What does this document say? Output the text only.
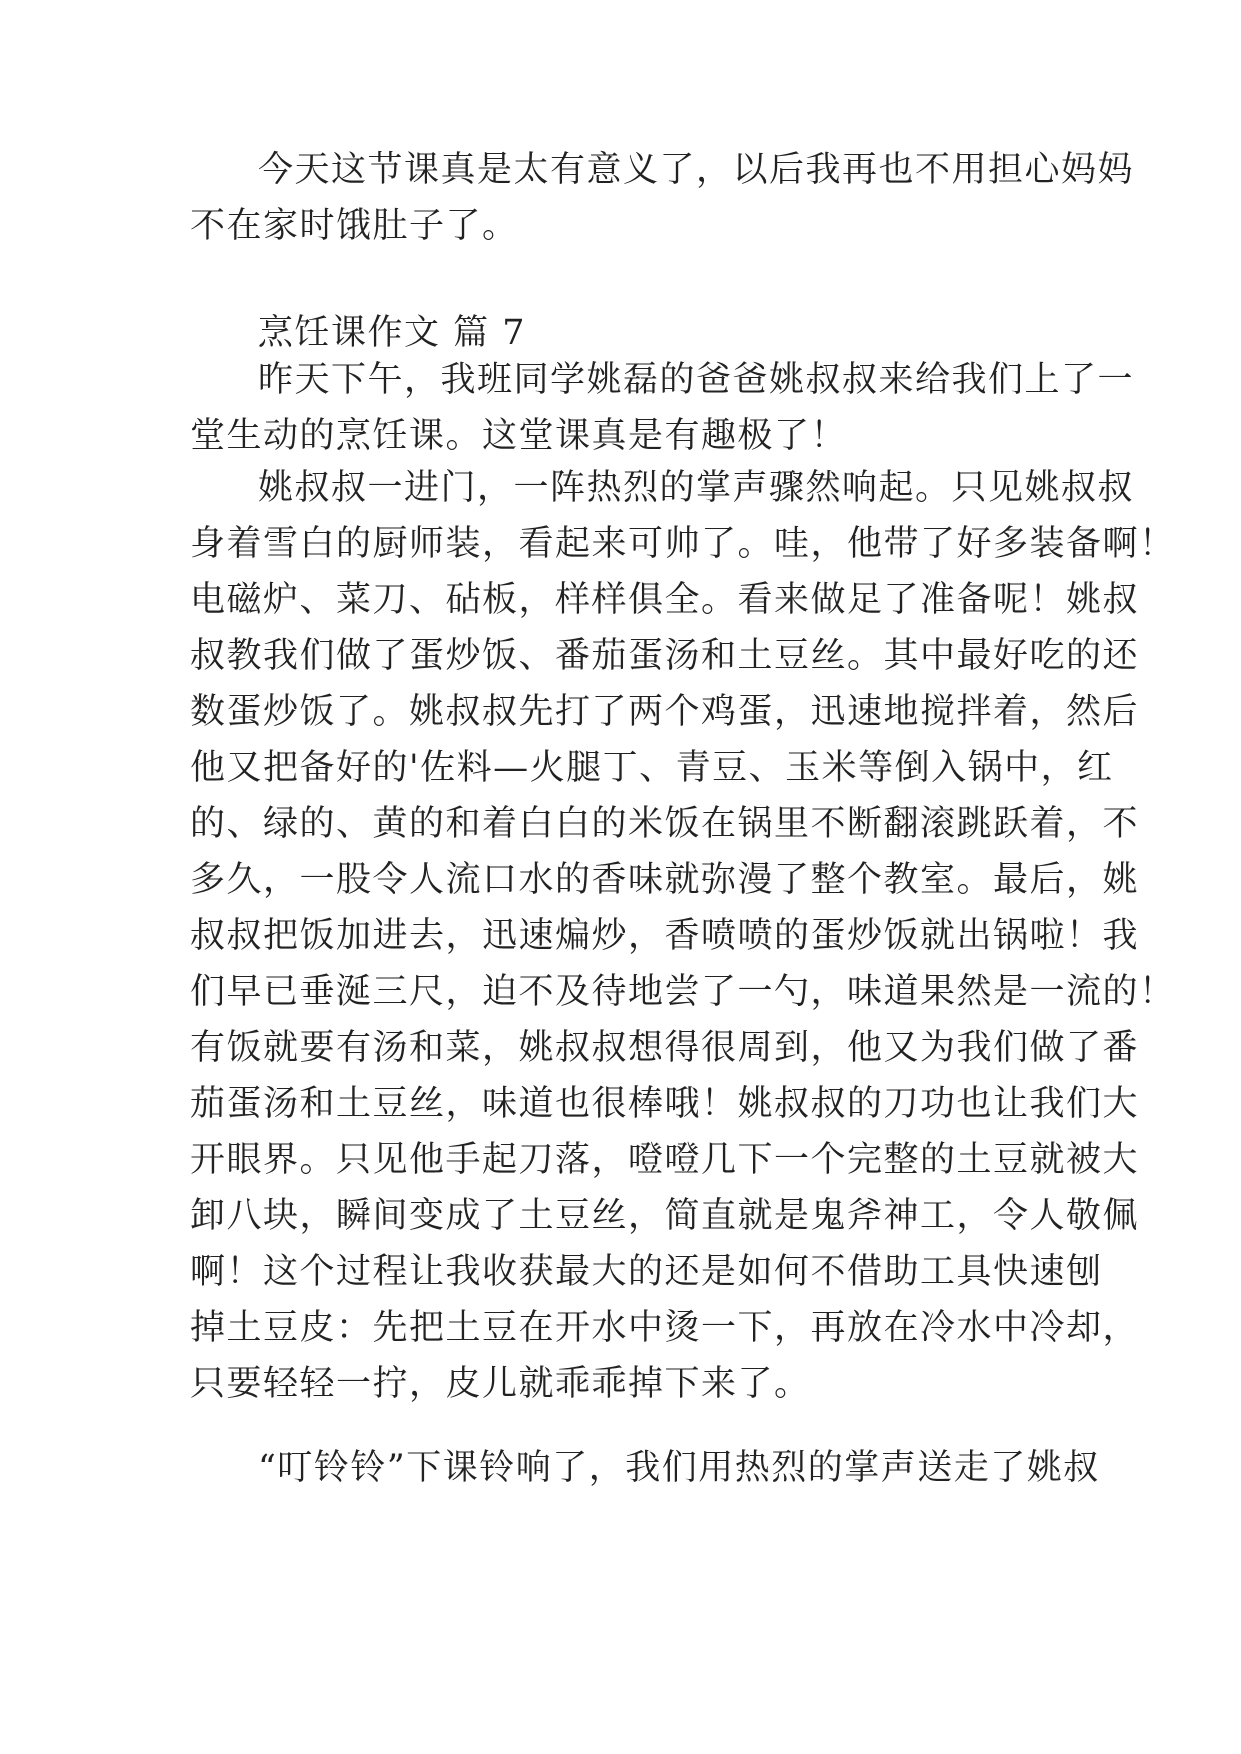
今天这节课真是太有意义了，以后我再也不用担心妈妈
不在家时饿肚子了。
烹饪课作文 篇 7
昨天下午，我班同学姚磊的爸爸姚叔叔来给我们上了一
堂生动的烹饪课。这堂课真是有趣极了！
姚叔叔一进门，一阵热烈的掌声骤然响起。只见姚叔叔
身着雪白的厨师装，看起来可帅了。哇，他带了好多装备啊！
电磁炉、菜刀、砧板，样样俱全。看来做足了准备呢！姚叔
叔教我们做了蛋炒饭、番茄蛋汤和土豆丝。其中最好吃的还
数蛋炒饭了。姚叔叔先打了两个鸡蛋，迅速地搅拌着，然后
他又把备好的'佐料—火腿丁、青豆、玉米等倒入锅中，红
的、绿的、黄的和着白白的米饭在锅里不断翻滚跳跃着，不
多久，一股令人流口水的香味就弥漫了整个教室。最后，姚
叔叔把饭加进去，迅速煸炒，香喷喷的蛋炒饭就出锅啦！我
们早已垂涎三尺，迫不及待地尝了一勺，味道果然是一流的！
有饭就要有汤和菜，姚叔叔想得很周到，他又为我们做了番
茄蛋汤和土豆丝，味道也很棒哦！姚叔叔的刀功也让我们大
开眼界。只见他手起刀落，噔噔几下一个完整的土豆就被大
卸八块，瞬间变成了土豆丝，简直就是鬼斧神工，令人敬佩
啊！这个过程让我收获最大的还是如何不借助工具快速刨
掉土豆皮：先把土豆在开水中烫一下，再放在冷水中冷却，
只要轻轻一拧，皮儿就乖乖掉下来了。
“叮铃铃”下课铃响了，我们用热烈的掌声送走了姚叔
